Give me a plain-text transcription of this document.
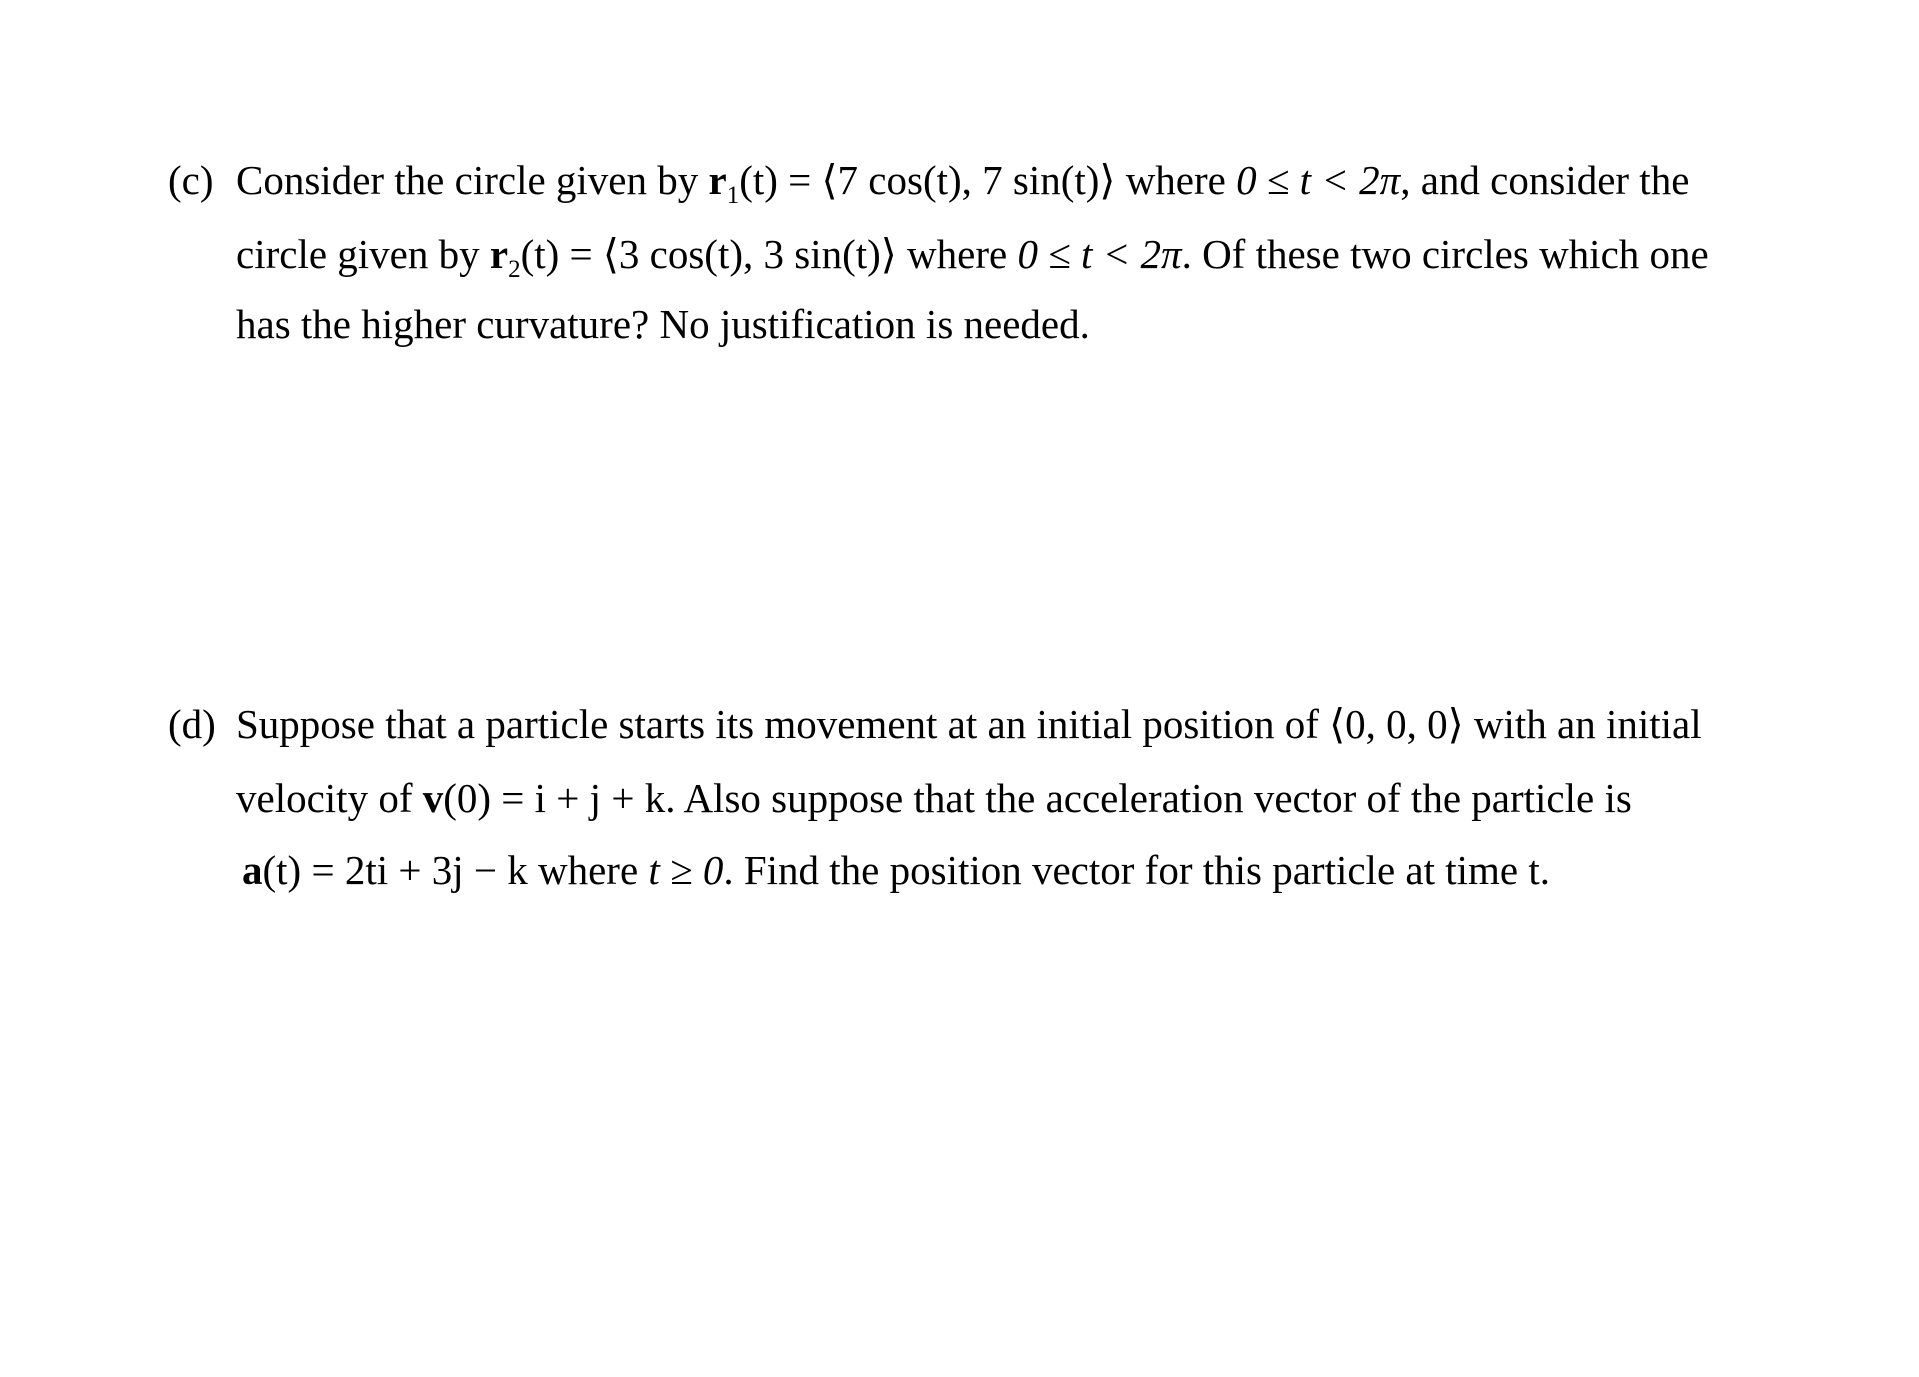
(c) Consider the circle given by $r_1(t)$ = ⟨7 cos(t), 7 sin(t)⟩ where 0 ≤ t < 2π, and consider the
circle given by $r_2(t)$ = ⟨3 cos(t), 3 sin(t)⟩ where 0 ≤ t < 2π. Of these two circles which one
has the higher curvature? No justification is needed.
(d) Suppose that a particle starts its movement at an initial position of ⟨0, 0, 0⟩ with an initial
velocity of v(0) = i + j + k. Also suppose that the acceleration vector of the particle is
a(t) = 2ti + 3j − k where t ≥ 0. Find the position vector for this particle at time t.
